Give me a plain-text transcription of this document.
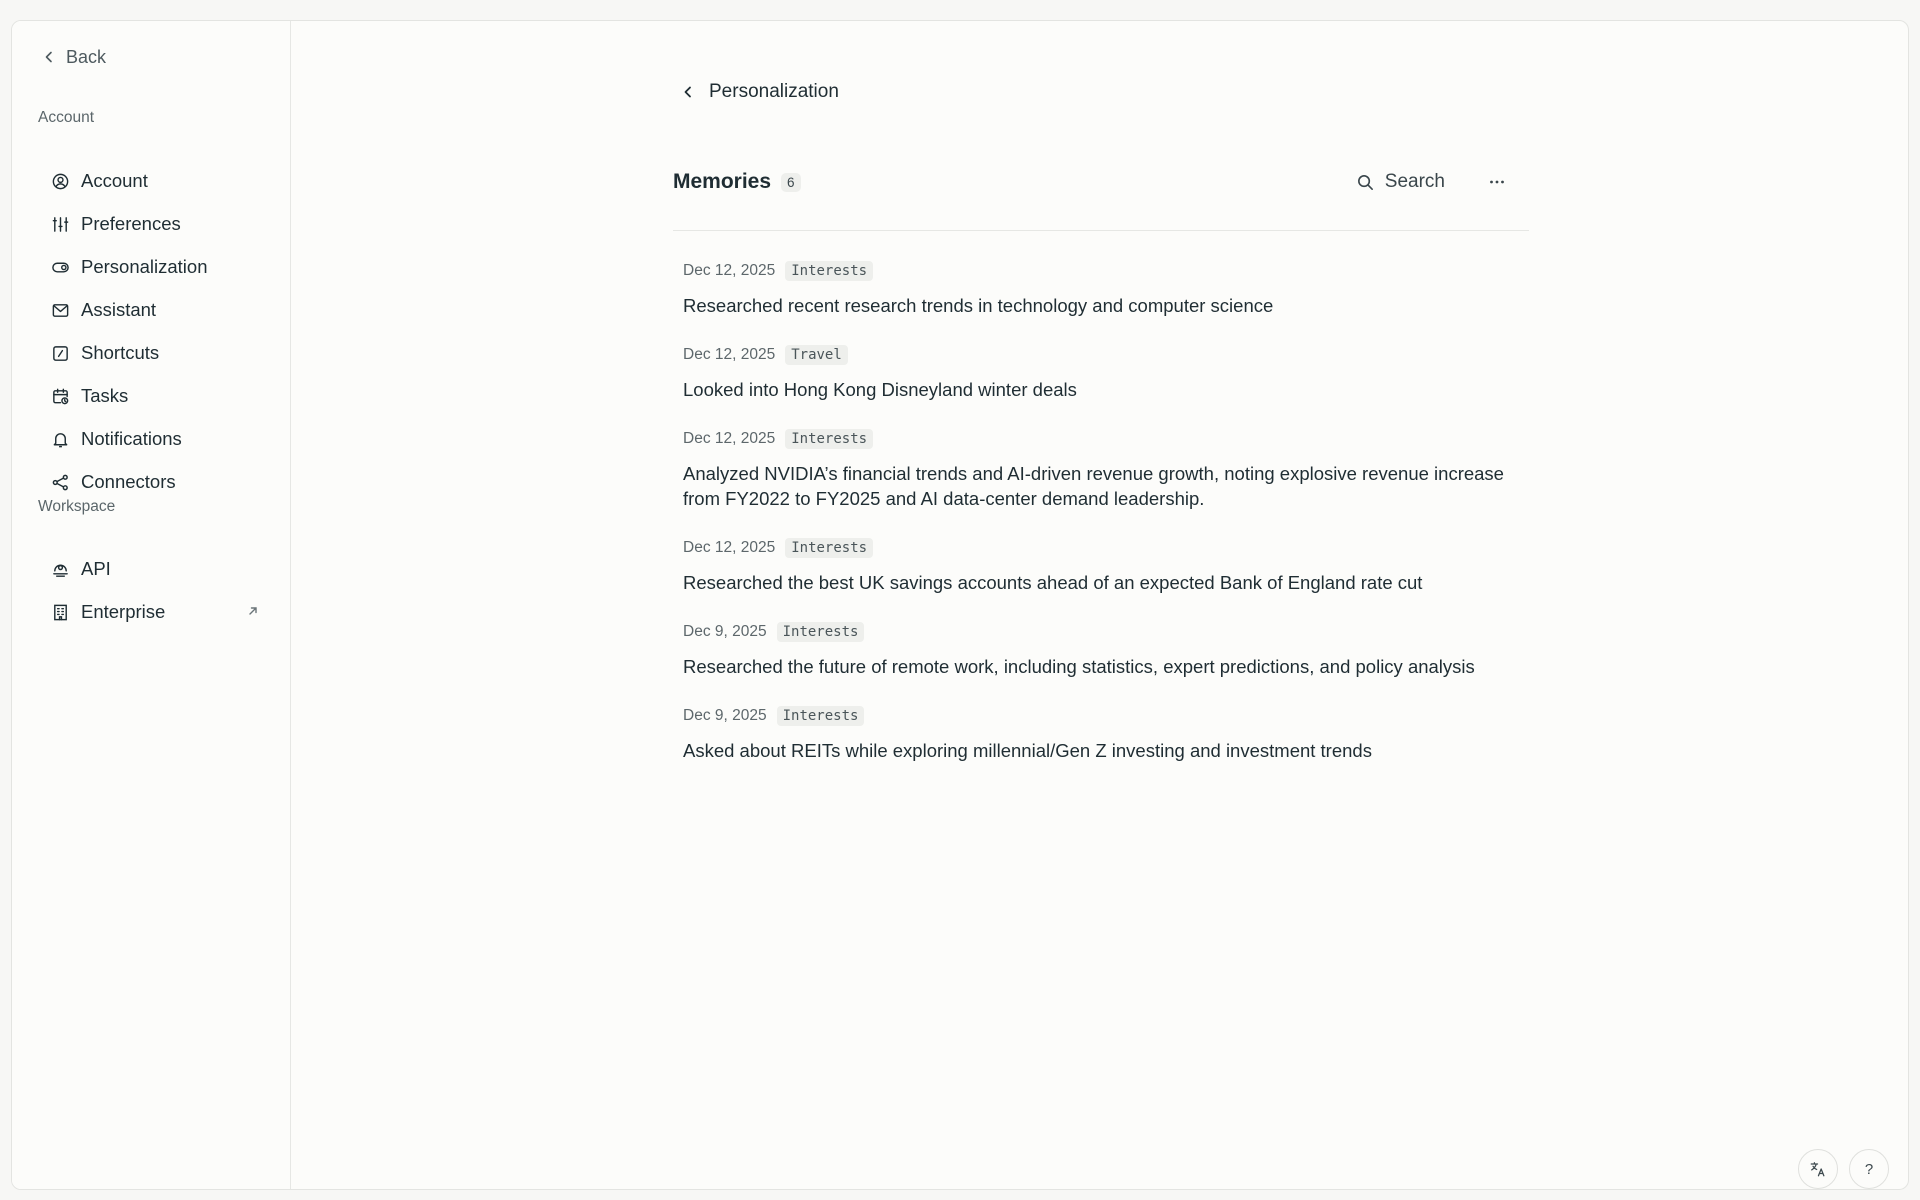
Back
Account
Account
Preferences
Personalization
Assistant
Shortcuts
Tasks
Notifications
Connectors
Workspace
API
Enterprise
Personalization
Memories	6	Search
Dec 12, 2025	Interests
Researched recent research trends in technology and computer science
Dec 12, 2025	Travel
Looked into Hong Kong Disneyland winter deals
Dec 12, 2025	Interests
Analyzed NVIDIA’s financial trends and AI-driven revenue growth, noting explosive revenue increase from FY2022 to FY2025 and AI data-center demand leadership.
Dec 12, 2025	Interests
Researched the best UK savings accounts ahead of an expected Bank of England rate cut
Dec 9, 2025	Interests
Researched the future of remote work, including statistics, expert predictions, and policy analysis
Dec 9, 2025	Interests
Asked about REITs while exploring millennial/Gen Z investing and investment trends
?
